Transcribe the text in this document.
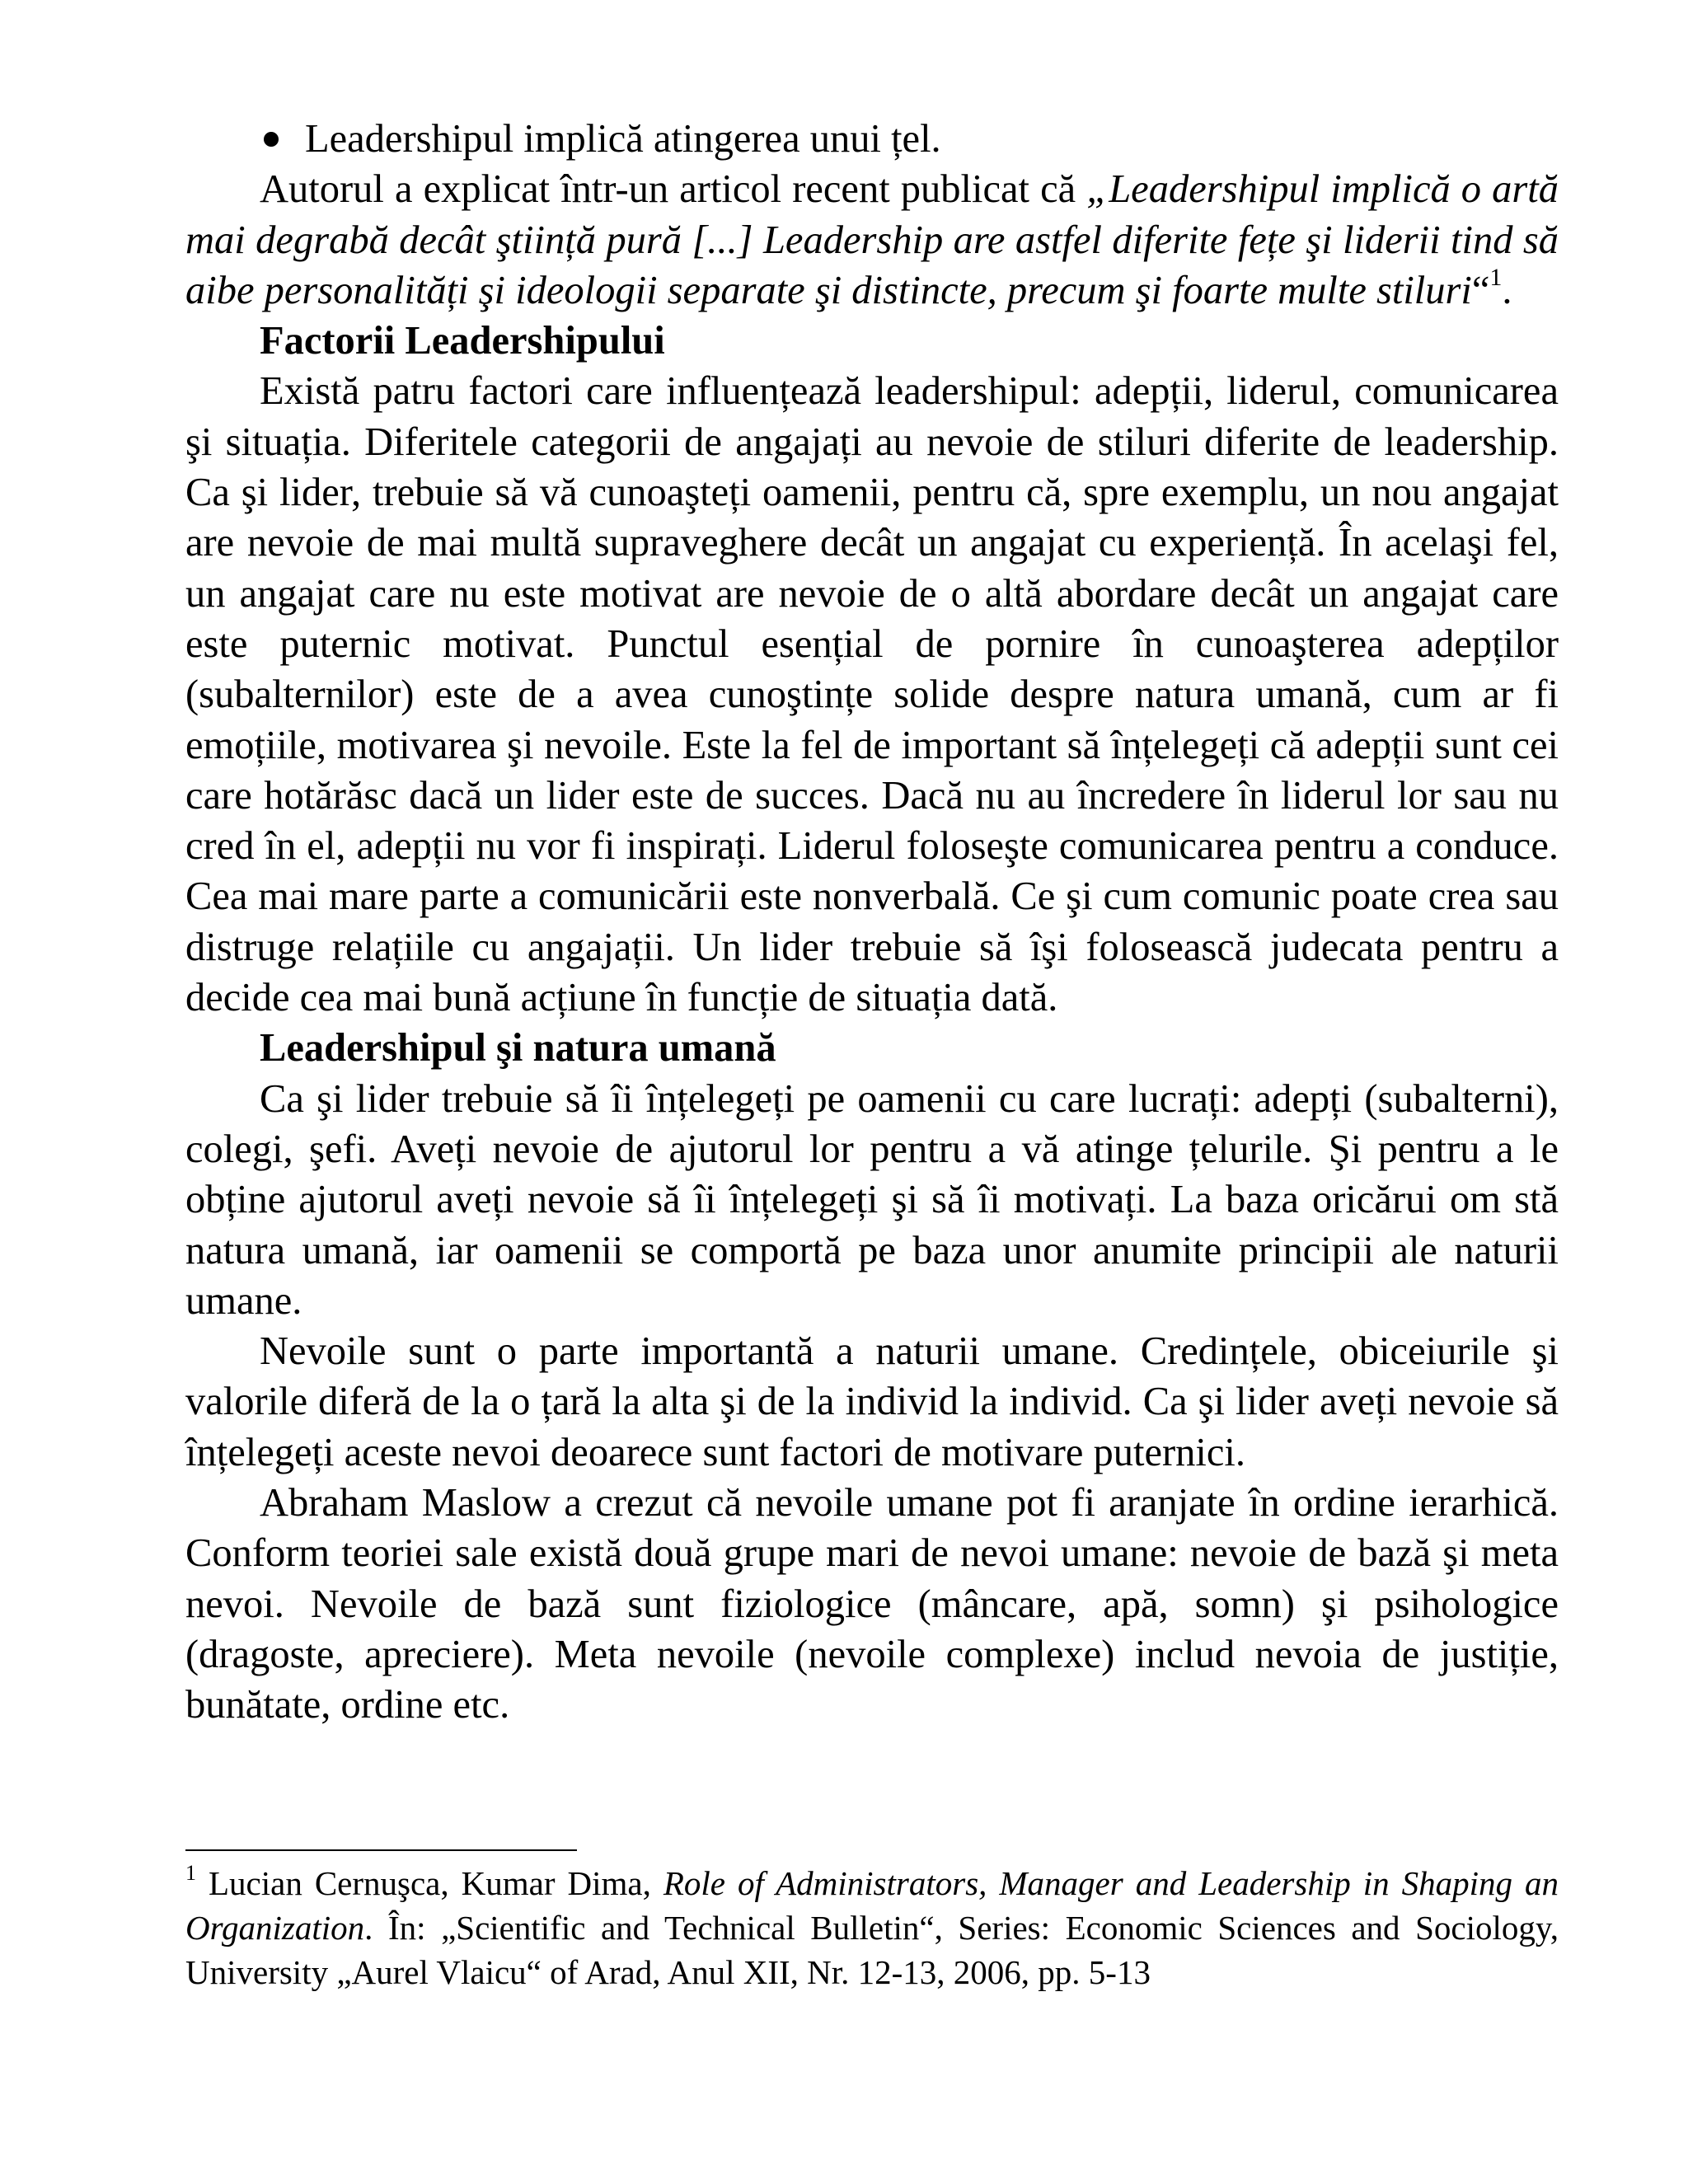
Leadershipul implică atingerea unui țel.

Autorul a explicat într-un articol recent publicat că „Leadershipul implică o artă mai degrabă decât ştiință pură [...] Leadership are astfel diferite fețe şi liderii tind să aibe personalități şi ideologii separate şi distincte, precum şi foarte multe stiluri“$^1$.

Factorii Leadershipului

Există patru factori care influențează leadershipul: adepții, liderul, comunicarea şi situația. Diferitele categorii de angajați au nevoie de stiluri diferite de leadership. Ca şi lider, trebuie să vă cunoaşteți oamenii, pentru că, spre exemplu, un nou angajat are nevoie de mai multă supraveghere decât un angajat cu experiență. În acelaşi fel, un angajat care nu este motivat are nevoie de o altă abordare decât un angajat care este puternic motivat. Punctul esențial de pornire în cunoaşterea adepților (subalternilor) este de a avea cunoştințe solide despre natura umană, cum ar fi emoțiile, motivarea şi nevoile. Este la fel de important să înțelegeți că adepții sunt cei care hotărăsc dacă un lider este de succes. Dacă nu au încredere în liderul lor sau nu cred în el, adepții nu vor fi inspirați. Liderul foloseşte comunicarea pentru a conduce. Cea mai mare parte a comunicării este nonverbală. Ce şi cum comunic poate crea sau distruge relațiile cu angajații. Un lider trebuie să îşi folosească judecata pentru a decide cea mai bună acțiune în funcție de situația dată.

Leadershipul şi natura umană

Ca şi lider trebuie să îi înțelegeți pe oamenii cu care lucrați: adepți (subalterni), colegi, şefi. Aveți nevoie de ajutorul lor pentru a vă atinge țelurile. Şi pentru a le obține ajutorul aveți nevoie să îi înțelegeți şi să îi motivați. La baza oricărui om stă natura umană, iar oamenii se comportă pe baza unor anumite principii ale naturii umane.

Nevoile sunt o parte importantă a naturii umane. Credințele, obiceiurile şi valorile diferă de la o țară la alta şi de la individ la individ. Ca şi lider aveți nevoie să înțelegeți aceste nevoi deoarece sunt factori de motivare puternici.

Abraham Maslow a crezut că nevoile umane pot fi aranjate în ordine ierarhică. Conform teoriei sale există două grupe mari de nevoi umane: nevoie de bază şi meta nevoi. Nevoile de bază sunt fiziologice (mâncare, apă, somn) şi psihologice (dragoste, apreciere). Meta nevoile (nevoile complexe) includ nevoia de justiție, bunătate, ordine etc.

$^1$ Lucian Cernuşca, Kumar Dima, Role of Administrators, Manager and Leadership in Shaping an Organization. În: „Scientific and Technical Bulletin“, Series: Economic Sciences and Sociology, University „Aurel Vlaicu“ of Arad, Anul XII, Nr. 12-13, 2006, pp. 5-13
